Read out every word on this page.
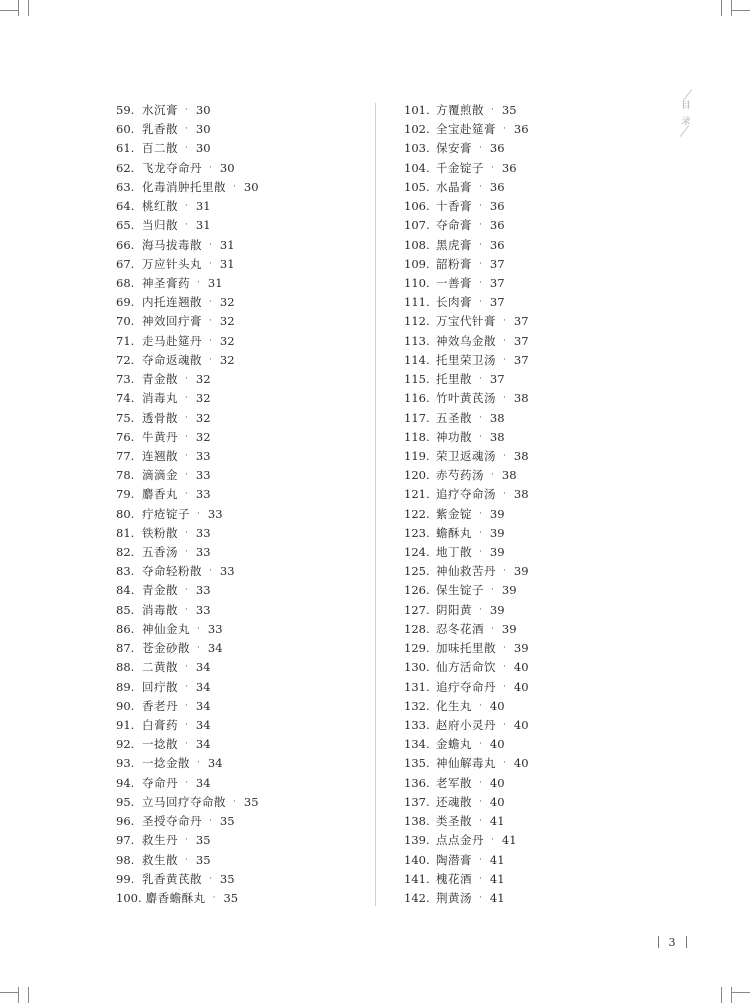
目
录
59. 水沉膏 · 30
60. 乳香散 · 30
61. 百二散 · 30
62. 飞龙夺命丹 · 30
63. 化毒消肿托里散 · 30
64. 桃红散 · 31
65. 当归散 · 31
66. 海马拔毒散 · 31
67. 万应针头丸 · 31
68. 神圣膏药 · 31
69. 内托连翘散 · 32
70. 神效回疔膏 · 32
71. 走马赴筵丹 · 32
72. 夺命返魂散 · 32
73. 青金散 · 32
74. 消毒丸 · 32
75. 透骨散 · 32
76. 牛黄丹 · 32
77. 连翘散 · 33
78. 滴滴金 · 33
79. 麝香丸 · 33
80. 疔疮锭子 · 33
81. 铁粉散 · 33
82. 五香汤 · 33
83. 夺命轻粉散 · 33
84. 青金散 · 33
85. 消毒散 · 33
86. 神仙金丸 · 33
87. 苍金砂散 · 34
88. 二黄散 · 34
89. 回疔散 · 34
90. 香老丹 · 34
91. 白膏药 · 34
92. 一捻散 · 34
93. 一捻金散 · 34
94. 夺命丹 · 34
95. 立马回疗夺命散 · 35
96. 圣授夺命丹 · 35
97. 救生丹 · 35
98. 救生散 · 35
99. 乳香黄芪散 · 35
100. 麝香蟾酥丸 · 35
101. 方覆煎散 · 35
102. 全宝赴筵膏 · 36
103. 保安膏 · 36
104. 千金锭子 · 36
105. 水晶膏 · 36
106. 十香膏 · 36
107. 夺命膏 · 36
108. 黑虎膏 · 36
109. 韶粉膏 · 37
110. 一善膏 · 37
111. 长肉膏 · 37
112. 万宝代针膏 · 37
113. 神效乌金散 · 37
114. 托里荣卫汤 · 37
115. 托里散 · 37
116. 竹叶黄芪汤 · 38
117. 五圣散 · 38
118. 神功散 · 38
119. 荣卫返魂汤 · 38
120. 赤芍药汤 · 38
121. 追疗夺命汤 · 38
122. 紫金锭 · 39
123. 蟾酥丸 · 39
124. 地丁散 · 39
125. 神仙救苦丹 · 39
126. 保生锭子 · 39
127. 阴阳黄 · 39
128. 忍冬花酒 · 39
129. 加味托里散 · 39
130. 仙方活命饮 · 40
131. 追疔夺命丹 · 40
132. 化生丸 · 40
133. 赵府小灵丹 · 40
134. 金蟾丸 · 40
135. 神仙解毒丸 · 40
136. 老军散 · 40
137. 还魂散 · 40
138. 类圣散 · 41
139. 点点金丹 · 41
140. 陶潜膏 · 41
141. 槐花酒 · 41
142. 荆黄汤 · 41
3
